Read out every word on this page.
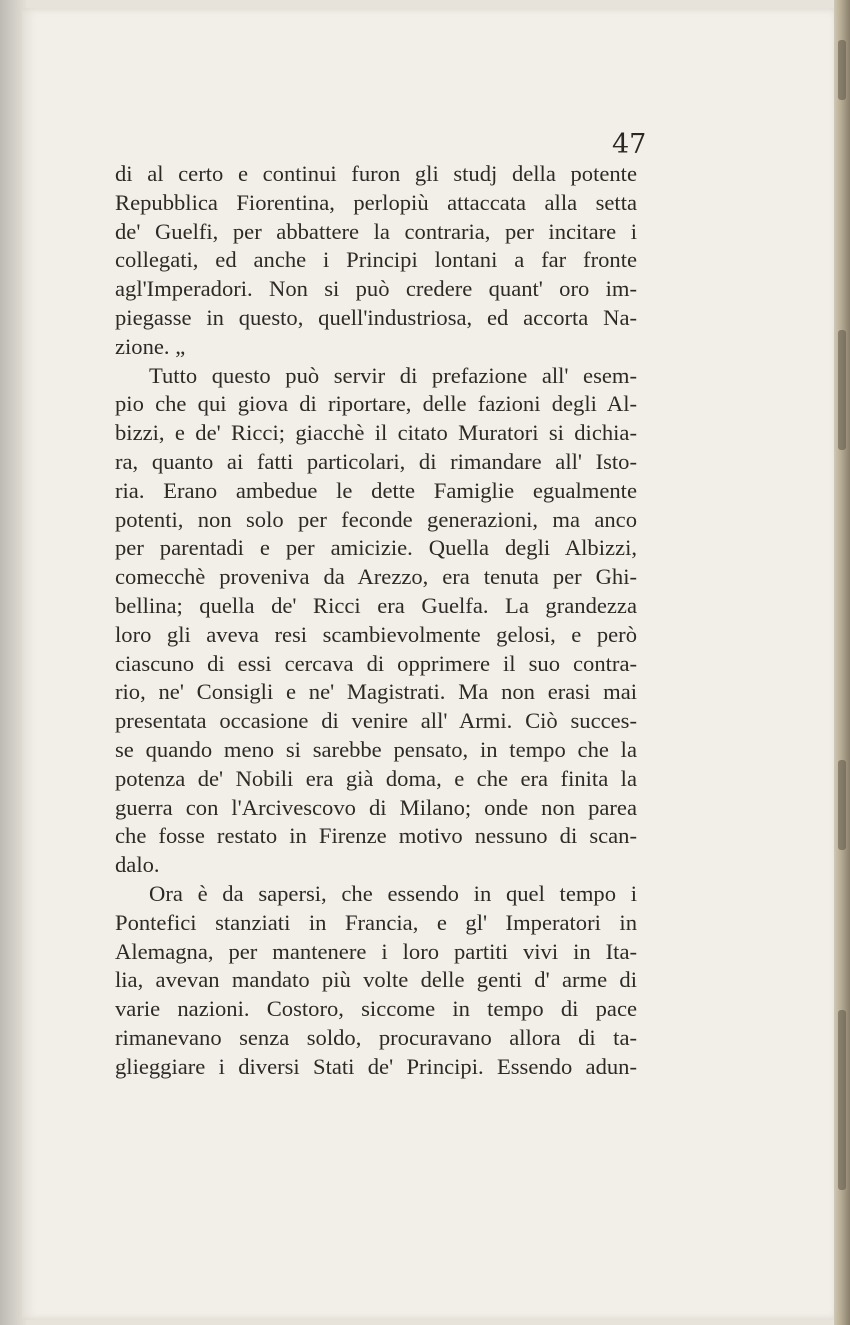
47
di al certo e continui furon gli studj della potente
Repubblica Fiorentina, perlopiù attaccata alla setta
de' Guelfi, per abbattere la contraria, per incitare i
collegati, ed anche i Principi lontani a far fronte
agl'Imperadori. Non si può credere quant' oro im-
piegasse in questo, quell'industriosa, ed accorta Na-
zione. „
Tutto questo può servir di prefazione all' esem-
pio che qui giova di riportare, delle fazioni degli Al-
bizzi, e de' Ricci; giacchè il citato Muratori si dichia-
ra, quanto ai fatti particolari, di rimandare all' Isto-
ria. Erano ambedue le dette Famiglie egualmente
potenti, non solo per feconde generazioni, ma anco
per parentadi e per amicizie. Quella degli Albizzi,
comecchè proveniva da Arezzo, era tenuta per Ghi-
bellina; quella de' Ricci era Guelfa. La grandezza
loro gli aveva resi scambievolmente gelosi, e però
ciascuno di essi cercava di opprimere il suo contra-
rio, ne' Consigli e ne' Magistrati. Ma non erasi mai
presentata occasione di venire all' Armi. Ciò succes-
se quando meno si sarebbe pensato, in tempo che la
potenza de' Nobili era già doma, e che era finita la
guerra con l'Arcivescovo di Milano; onde non parea
che fosse restato in Firenze motivo nessuno di scan-
dalo.
Ora è da sapersi, che essendo in quel tempo i
Pontefici stanziati in Francia, e gl' Imperatori in
Alemagna, per mantenere i loro partiti vivi in Ita-
lia, avevan mandato più volte delle genti d' arme di
varie nazioni. Costoro, siccome in tempo di pace
rimanevano senza soldo, procuravano allora di ta-
glieggiare i diversi Stati de' Principi. Essendo adun-
